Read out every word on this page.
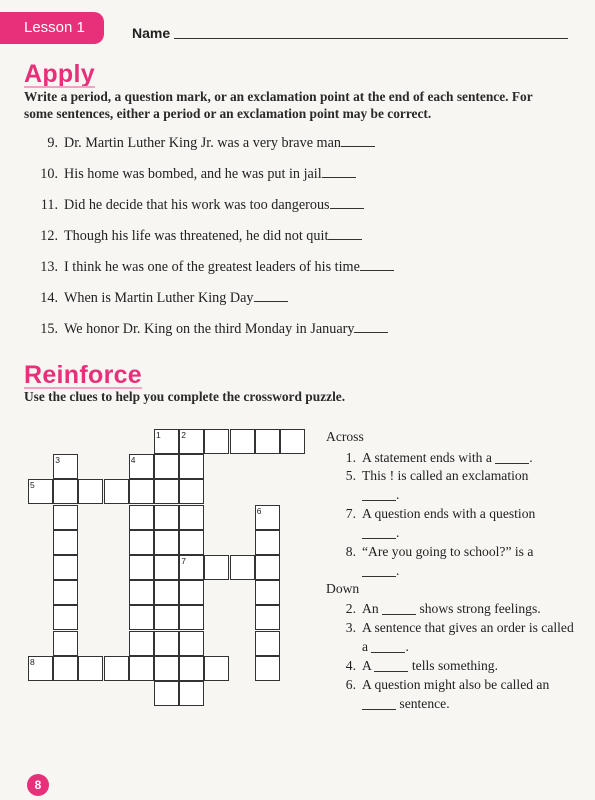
Lesson 1	Name
Apply
Write a period, a question mark, or an exclamation point at the end of each sentence. For some sentences, either a period or an exclamation point may be correct.
9. Dr. Martin Luther King Jr. was a very brave man
10. His home was bombed, and he was put in jail
11. Did he decide that his work was too dangerous
12. Though his life was threatened, he did not quit
13. I think he was one of the greatest leaders of his time
14. When is Martin Luther King Day
15. We honor Dr. King on the third Monday in January
Reinforce
Use the clues to help you complete the crossword puzzle.
1 2
5
7
8
3	4
6
Across
1. A statement ends with a	.
5. This ! is called an exclamation
.
7. A question ends with a question
.
8. “Are you going to school?” is a
.
Down
2. An	shows strong feelings.
3. A sentence that gives an order is called a	.
4. A	tells something.
6. A question might also be called an
sentence.
8
